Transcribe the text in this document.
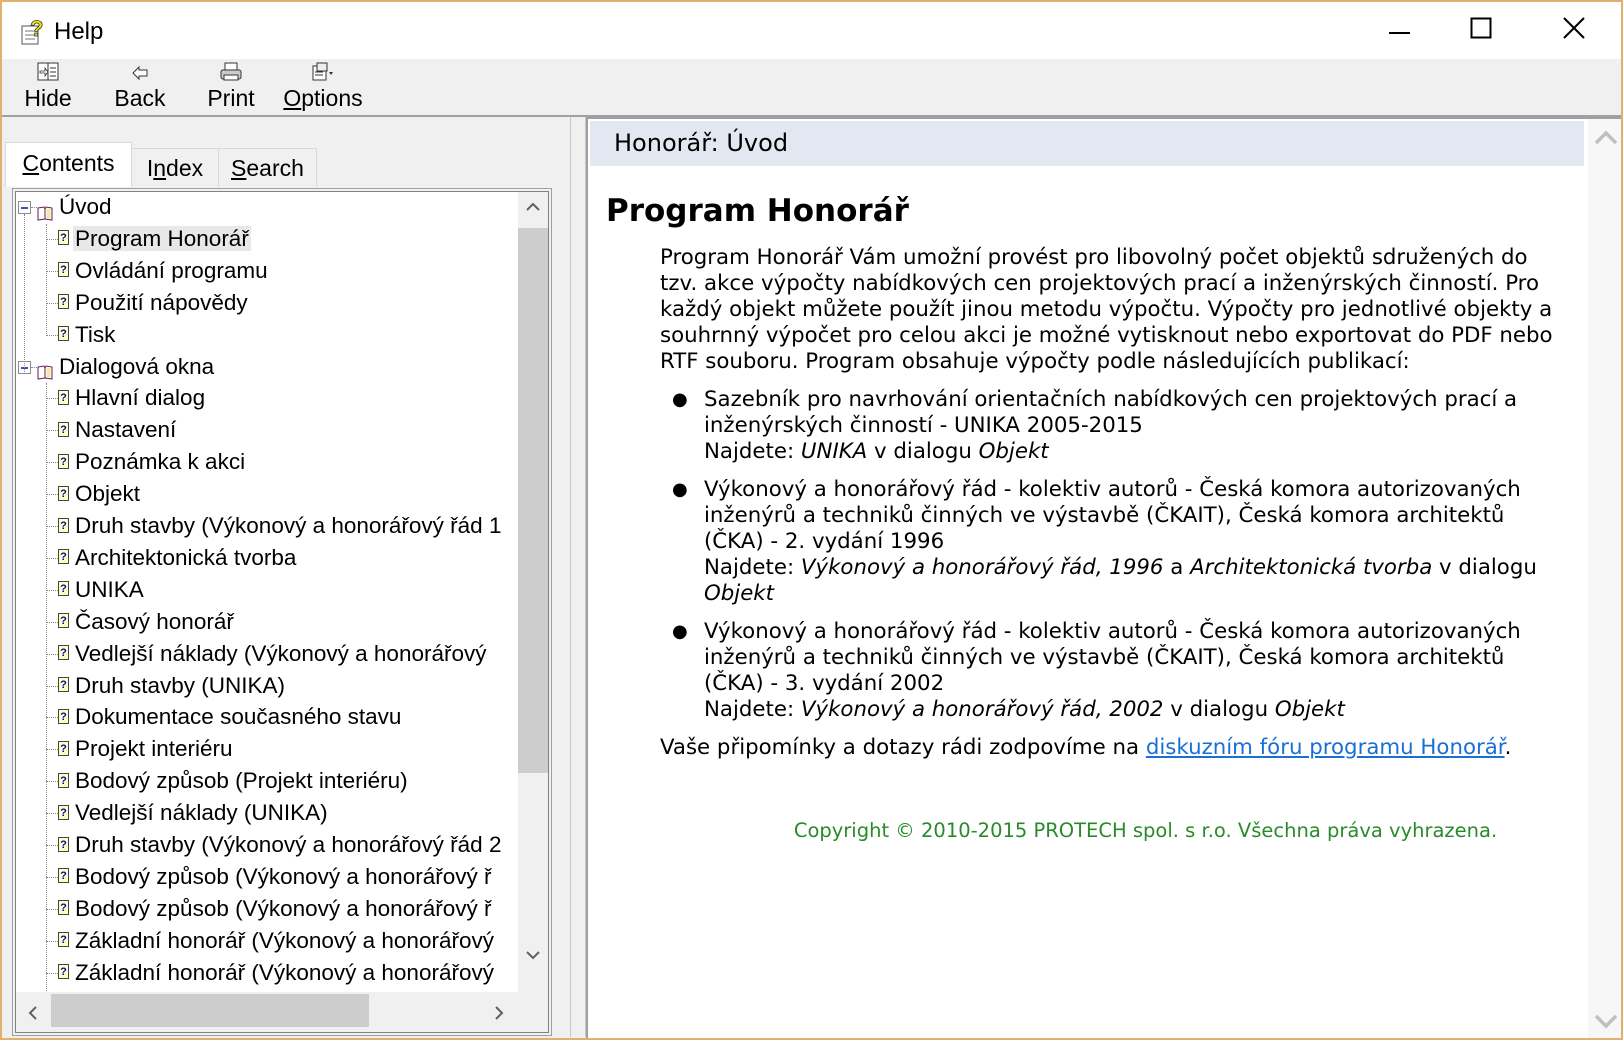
? Help
Hide Back Print Options
Contents	Index	Search
Úvod
? Program Honorář
? Ovládání programu
? Použití nápovědy
? Tisk
Dialogová okna
? Hlavní dialog
? Nastavení
? Poznámka k akci
? Objekt
? Druh stavby (Výkonový a honorářový řád 1
? Architektonická tvorba
? UNIKA
? Časový honorář
? Vedlejší náklady (Výkonový a honorářový
? Druh stavby (UNIKA)
? Dokumentace současného stavu
? Projekt interiéru
? Bodový způsob (Projekt interiéru)
? Vedlejší náklady (UNIKA)
? Druh stavby (Výkonový a honorářový řád 2
? Bodový způsob (Výkonový a honorářový ř
? Bodový způsob (Výkonový a honorářový ř
? Základní honorář (Výkonový a honorářový
? Základní honorář (Výkonový a honorářový
Honorář: Úvod
Program Honorář
Program Honorář Vám umožní provést pro libovolný počet objektů sdružených do tzv. akce výpočty nabídkových cen projektových prací a inženýrských činností. Pro každý objekt můžete použít jinou metodu výpočtu. Výpočty pro jednotlivé objekty a souhrnný výpočet pro celou akci je možné vytisknout nebo exportovat do PDF nebo RTF souboru. Program obsahuje výpočty podle následujících publikací:
● Sazebník pro navrhování orientačních nabídkových cen projektových prací a inženýrských činností - UNIKA 2005-2015
Najdete: UNIKA v dialogu Objekt
● Výkonový a honorářový řád - kolektiv autorů - Česká komora autorizovaných inženýrů a techniků činných ve výstavbě (ČKAIT), Česká komora architektů (ČKA) - 2. vydání 1996
Najdete: Výkonový a honorářový řád, 1996 a Architektonická tvorba v dialogu Objekt
● Výkonový a honorářový řád - kolektiv autorů - Česká komora autorizovaných inženýrů a techniků činných ve výstavbě (ČKAIT), Česká komora architektů (ČKA) - 3. vydání 2002
Najdete: Výkonový a honorářový řád, 2002 v dialogu Objekt
Vaše připomínky a dotazy rádi zodpovíme na diskuzním fóru programu Honorář.
Copyright © 2010-2015 PROTECH spol. s r.o. Všechna práva vyhrazena.
